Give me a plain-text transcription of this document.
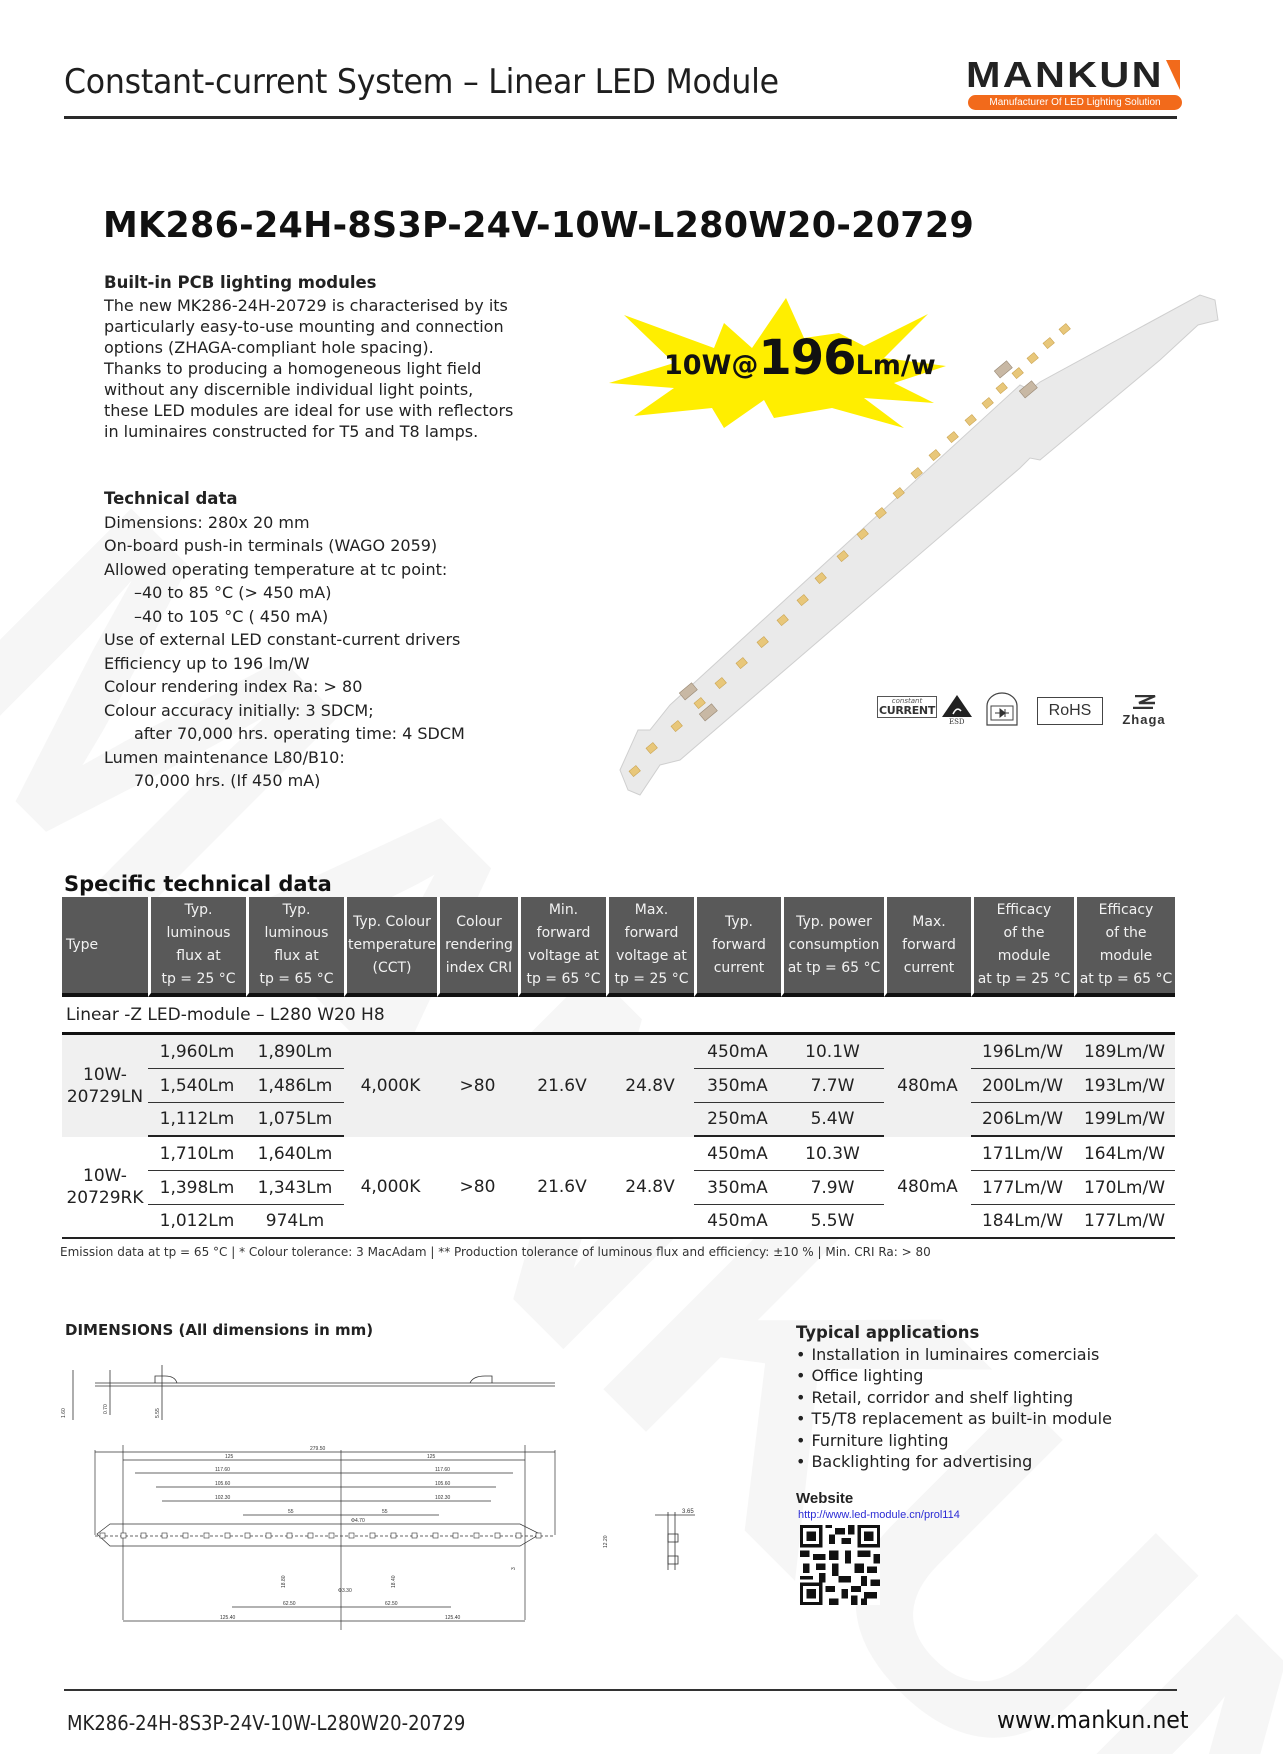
Constant-current System – Linear LED Module	MANKUN
Manufacturer Of LED Lighting Solution
MK286-24H-8S3P-24V-10W-L280W20-20729
Built-in PCB lighting modules
The new MK286-24H-20729 is characterised by its
particularly easy-to-use mounting and connection
options (ZHAGA-compliant hole spacing).
Thanks to producing a homogeneous light field
without any discernible individual light points,
these LED modules are ideal for use with reflectors
in luminaires constructed for T5 and T8 lamps.
Technical data
Dimensions: 280x 20 mm
On-board push-in terminals (WAGO 2059)
Allowed operating temperature at tc point:
–40 to 85 °C (> 450 mA)
–40 to 105 °C ( 450 mA)
Use of external LED constant-current drivers
Efficiency up to 196 lm/W
Colour rendering index Ra: > 80
Colour accuracy initially: 3 SDCM;
after 70,000 hrs. operating time: 4 SDCM
Lumen maintenance L80/B10:
70,000 hrs. (If 450 mA)
10W@196Lm/w
constant
CURRENT
ESD
RoHS
Zhaga
Specific technical data
Type	Typ.
luminous
flux at
tp = 25 °C	Typ.
luminous
flux at
tp = 65 °C	Typ. Colour
temperature
(CCT)	Colour
rendering
index CRI	Min.
forward
voltage at
tp = 65 °C	Max.
forward
voltage at
tp = 25 °C	Typ.
forward
current	Typ. power
consumption
at tp = 65 °C	Max.
forward
current	Efficacy
of the
module
at tp = 25 °C	Efficacy
of the
module
at tp = 65 °C
Linear -Z LED-module – L280 W20 H8											
10W-
20729LN	1,960Lm	1,890Lm	4,000K	>80	21.6V	24.8V	450mA	10.1W	480mA	196Lm/W	189Lm/W
	1,540Lm	1,486Lm					350mA	7.7W		200Lm/W	193Lm/W
	1,112Lm	1,075Lm					250mA	5.4W		206Lm/W	199Lm/W
10W-
20729RK	1,710Lm	1,640Lm	4,000K	>80	21.6V	24.8V	450mA	10.3W	480mA	171Lm/W	164Lm/W
	1,398Lm	1,343Lm					350mA	7.9W		177Lm/W	170Lm/W
	1,012Lm	974Lm					450mA	5.5W		184Lm/W	177Lm/W
Emission data at tp = 65 °C | * Colour tolerance: 3 MacAdam | ** Production tolerance of luminous flux and efficiency: ±10 % | Min. CRI Ra: > 80
DIMENSIONS (All dimensions in mm)
1.60	0.70	5.55
279.50
125	125
117.60	117.60
105.60	105.60
102.30	102.30
55	55
Φ4.70
Φ3.30
62.50	62.50
125.40	125.40
18.80	18.40
12.20
3
3.65
Typical applications
• Installation in luminaires comerciais
• Office lighting
• Retail, corridor and shelf lighting
• T5/T8 replacement as built-in module
• Furniture lighting
• Backlighting for advertising
Website
http://www.led-module.cn/prol114
MK286-24H-8S3P-24V-10W-L280W20-20729	www.mankun.net
